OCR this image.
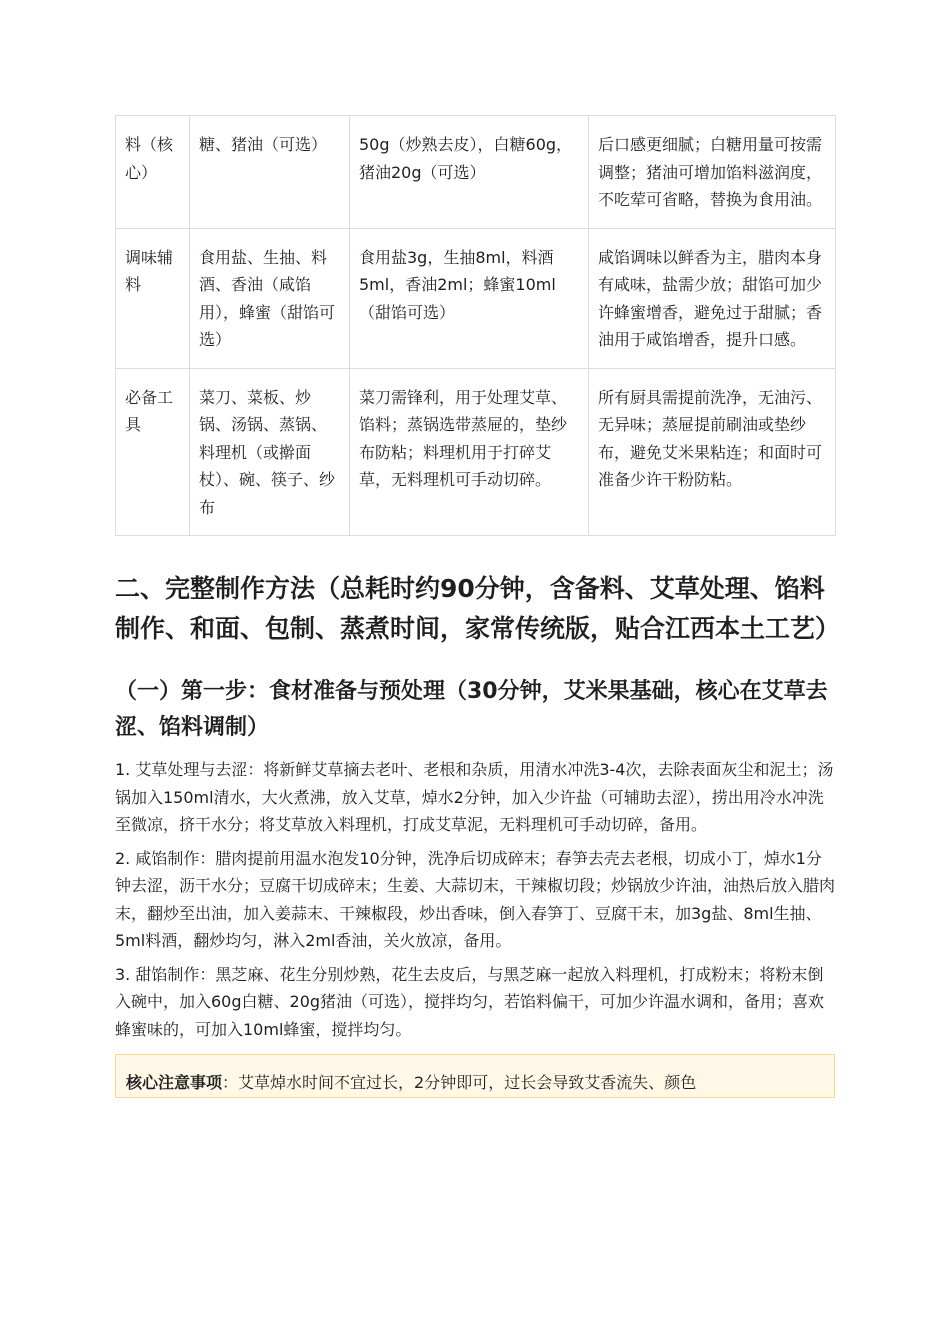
料（核心）	糖、猪油（可选）	50g（炒熟去皮），白糖60g，猪油20g（可选）	后口感更细腻；白糖用量可按需调整；猪油可增加馅料滋润度，不吃荤可省略，替换为食用油。
调味辅料	食用盐、生抽、料酒、香油（咸馅用），蜂蜜（甜馅可选）	食用盐3g，生抽8ml，料酒5ml，香油2ml；蜂蜜10ml（甜馅可选）	咸馅调味以鲜香为主，腊肉本身有咸味，盐需少放；甜馅可加少许蜂蜜增香，避免过于甜腻；香油用于咸馅增香，提升口感。
必备工具	菜刀、菜板、炒锅、汤锅、蒸锅、料理机（或擀面杖）、碗、筷子、纱布	菜刀需锋利，用于处理艾草、馅料；蒸锅选带蒸屉的，垫纱布防粘；料理机用于打碎艾草，无料理机可手动切碎。	所有厨具需提前洗净，无油污、无异味；蒸屉提前刷油或垫纱布，避免艾米果粘连；和面时可准备少许干粉防粘。
二、完整制作方法（总耗时约90分钟，含备料、艾草处理、馅料制作、和面、包制、蒸煮时间，家常传统版，贴合江西本土工艺）
（一）第一步：食材准备与预处理（30分钟，艾米果基础，核心在艾草去涩、馅料调制）

1. 艾草处理与去涩：将新鲜艾草摘去老叶、老根和杂质，用清水冲洗3-4次，去除表面灰尘和泥土；汤锅加入150ml清水，大火煮沸，放入艾草，焯水2分钟，加入少许盐（可辅助去涩），捞出用冷水冲洗至微凉，挤干水分；将艾草放入料理机，打成艾草泥，无料理机可手动切碎，备用。

2. 咸馅制作：腊肉提前用温水泡发10分钟，洗净后切成碎末；春笋去壳去老根，切成小丁，焯水1分钟去涩，沥干水分；豆腐干切成碎末；生姜、大蒜切末，干辣椒切段；炒锅放少许油，油热后放入腊肉末，翻炒至出油，加入姜蒜末、干辣椒段，炒出香味，倒入春笋丁、豆腐干末，加3g盐、8ml生抽、5ml料酒，翻炒均匀，淋入2ml香油，关火放凉，备用。

3. 甜馅制作：黑芝麻、花生分别炒熟，花生去皮后，与黑芝麻一起放入料理机，打成粉末；将粉末倒入碗中，加入60g白糖、20g猪油（可选），搅拌均匀，若馅料偏干，可加少许温水调和，备用；喜欢蜂蜜味的，可加入10ml蜂蜜，搅拌均匀。

核心注意事项：艾草焯水时间不宜过长，2分钟即可，过长会导致艾香流失、颜色
